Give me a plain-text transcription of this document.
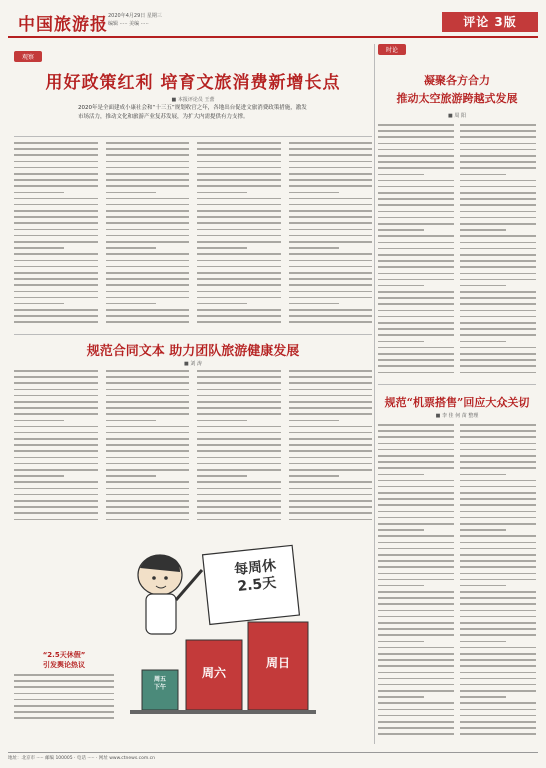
中国旅游报 2020年4月29日 星期三
编辑 ····· 美编 ·····	评论 3版
观察
用好政策红利 培育文旅消费新增长点
■ 本报评论员 王蕾
2020年是全面建成小康社会和“十三五”规划收官之年，各地出台促进文旅消费政策措施，激发市场活力，推动文化和旅游产业复苏发展，为扩大内需提供有力支撑。
规范合同文本 助力团队旅游健康发展
■ 刘 涛
“2.5天休假”
引发舆论热议
每周休
2.5天
周六
周日
周五
下午
时论
凝聚各方合力
推动太空旅游跨越式发展
■ 周 阳
规范“机票搭售”回应大众关切
■ 李 佳 何 苗 整理
地址：北京市 ····· 邮编 100005 · 电话 ····· · 网址 www.ctnews.com.cn
